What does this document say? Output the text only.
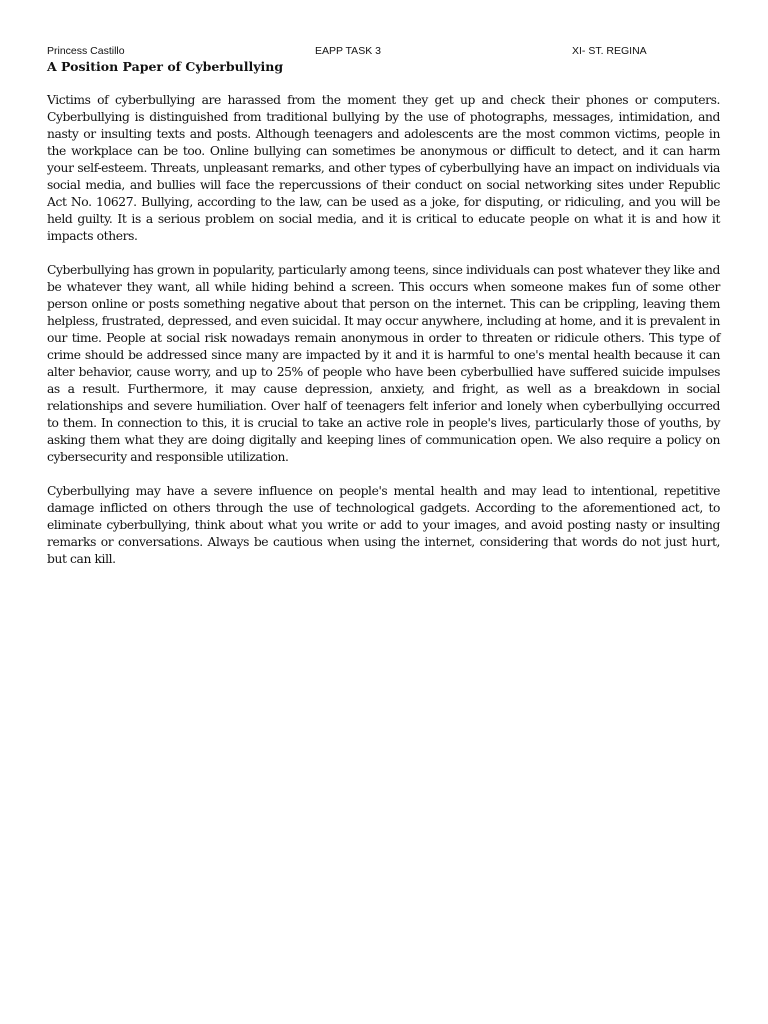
Princess Castillo	EAPP TASK 3	XI- ST. REGINA
A Position Paper of Cyberbullying

Victims of cyberbullying are harassed from the moment they get up and check their phones or computers. Cyberbullying is distinguished from traditional bullying by the use of photographs, messages, intimidation, and nasty or insulting texts and posts. Although teenagers and adolescents are the most common victims, people in the workplace can be too. Online bullying can sometimes be anonymous or difficult to detect, and it can harm your self-esteem. Threats, unpleasant remarks, and other types of cyberbullying have an impact on individuals via social media, and bullies will face the repercussions of their conduct on social networking sites under Republic Act No. 10627. Bullying, according to the law, can be used as a joke, for disputing, or ridiculing, and you will be held guilty. It is a serious problem on social media, and it is critical to educate people on what it is and how it impacts others.

Cyberbullying has grown in popularity, particularly among teens, since individuals can post whatever they like and be whatever they want, all while hiding behind a screen. This occurs when someone makes fun of some other person online or posts something negative about that person on the internet. This can be crippling, leaving them helpless, frustrated, depressed, and even suicidal. It may occur anywhere, including at home, and it is prevalent in our time. People at social risk nowadays remain anonymous in order to threaten or ridicule others. This type of crime should be addressed since many are impacted by it and it is harmful to one's mental health because it can alter behavior, cause worry, and up to 25% of people who have been cyberbullied have suffered suicide impulses as a result. Furthermore, it may cause depression, anxiety, and fright, as well as a breakdown in social relationships and severe humiliation. Over half of teenagers felt inferior and lonely when cyberbullying occurred to them. In connection to this, it is crucial to take an active role in people's lives, particularly those of youths, by asking them what they are doing digitally and keeping lines of communication open. We also require a policy on cybersecurity and responsible utilization.

Cyberbullying may have a severe influence on people's mental health and may lead to intentional, repetitive damage inflicted on others through the use of technological gadgets. According to the aforementioned act, to eliminate cyberbullying, think about what you write or add to your images, and avoid posting nasty or insulting remarks or conversations. Always be cautious when using the internet, considering that words do not just hurt, but can kill.
